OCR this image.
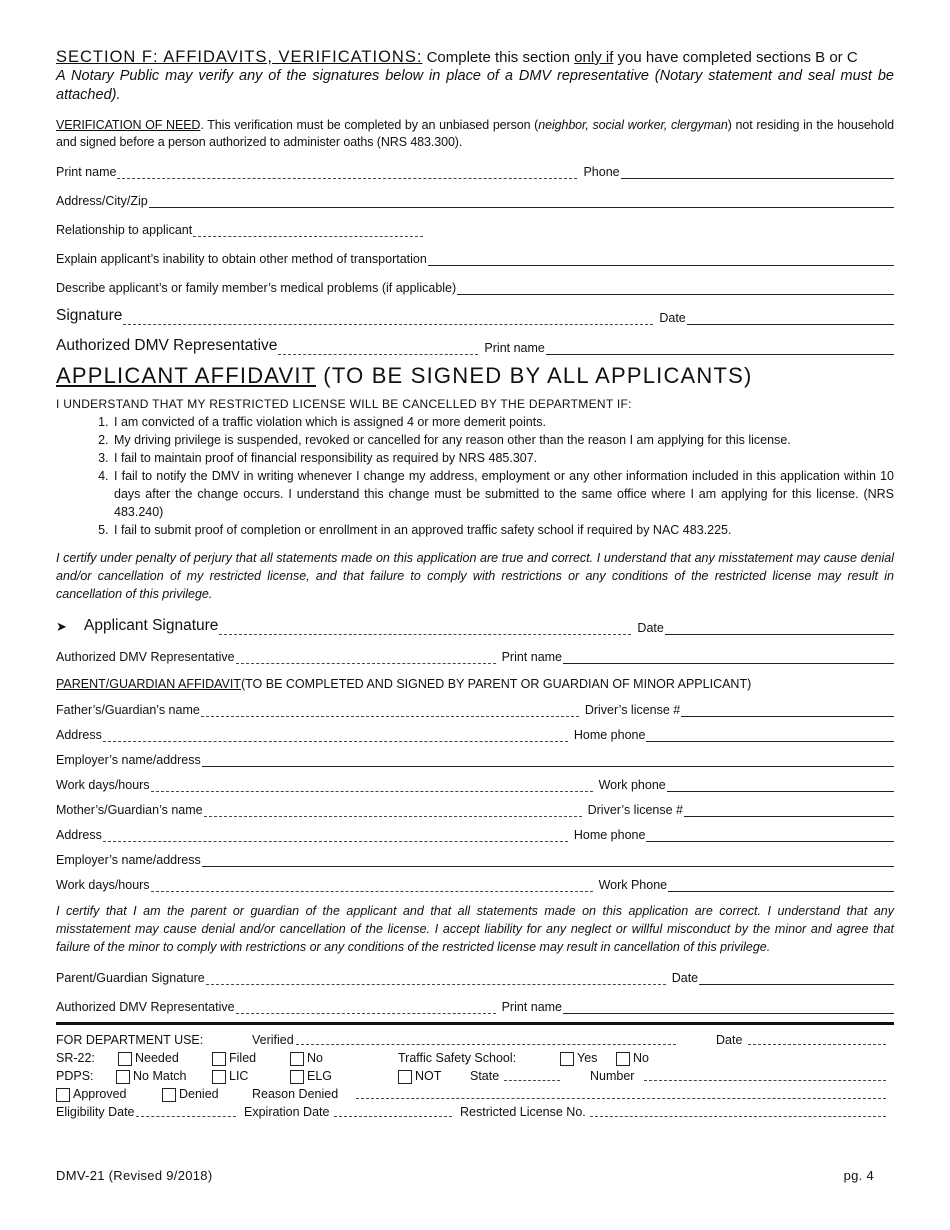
SECTION F: AFFIDAVITS, VERIFICATIONS: Complete this section only if you have completed sections B or C
A Notary Public may verify any of the signatures below in place of a DMV representative (Notary statement and seal must be attached).
VERIFICATION OF NEED. This verification must be completed by an unbiased person (neighbor, social worker, clergyman) not residing in the household and signed before a person authorized to administer oaths (NRS 483.300).
Print name	Phone
Address/City/Zip
Relationship to applicant
Explain applicant’s inability to obtain other method of transportation
Describe applicant’s or family member’s medical problems (if applicable)
Signature	Date
Authorized DMV Representative	Print name
APPLICANT AFFIDAVIT (TO BE SIGNED BY ALL APPLICANTS)
I UNDERSTAND THAT MY RESTRICTED LICENSE WILL BE CANCELLED BY THE DEPARTMENT IF:
1. I am convicted of a traffic violation which is assigned 4 or more demerit points.
2. My driving privilege is suspended, revoked or cancelled for any reason other than the reason I am applying for this license.
3. I fail to maintain proof of financial responsibility as required by NRS 485.307.
4. I fail to notify the DMV in writing whenever I change my address, employment or any other information included in this application within 10 days after the change occurs. I understand this change must be submitted to the same office where I am applying for this license. (NRS 483.240)
5. I fail to submit proof of completion or enrollment in an approved traffic safety school if required by NAC 483.225.
I certify under penalty of perjury that all statements made on this application are true and correct. I understand that any misstatement may cause denial and/or cancellation of my restricted license, and that failure to comply with restrictions or any conditions of the restricted license may result in cancellation of this privilege.
➤	Applicant Signature	Date
Authorized DMV Representative	Print name
PARENT/GUARDIAN AFFIDAVIT (TO BE COMPLETED AND SIGNED BY PARENT OR GUARDIAN OF MINOR APPLICANT)
Father’s/Guardian’s name	Driver’s license #
Address	Home phone
Employer’s name/address
Work days/hours	Work phone
Mother’s/Guardian’s name	Driver’s license #
Address	Home phone
Employer’s name/address
Work days/hours	Work Phone
I certify that I am the parent or guardian of the applicant and that all statements made on this application are correct. I understand that any misstatement may cause denial and/or cancellation of the license. I accept liability for any neglect or willful misconduct by the minor and agree that failure of the minor to comply with restrictions or any conditions of the restricted license may result in cancellation of this privilege.
Parent/Guardian Signature	Date
Authorized DMV Representative	Print name
FOR DEPARTMENT USE:	Verified	Date
SR-22:	Needed	Filed	No	Traffic Safety School:	Yes	No
PDPS:	No Match	LIC	ELG	NOT State	Number
Approved	Denied	Reason Denied
Eligibility Date	Expiration Date	Restricted License No.
DMV-21 (Revised 9/2018)	pg. 4
